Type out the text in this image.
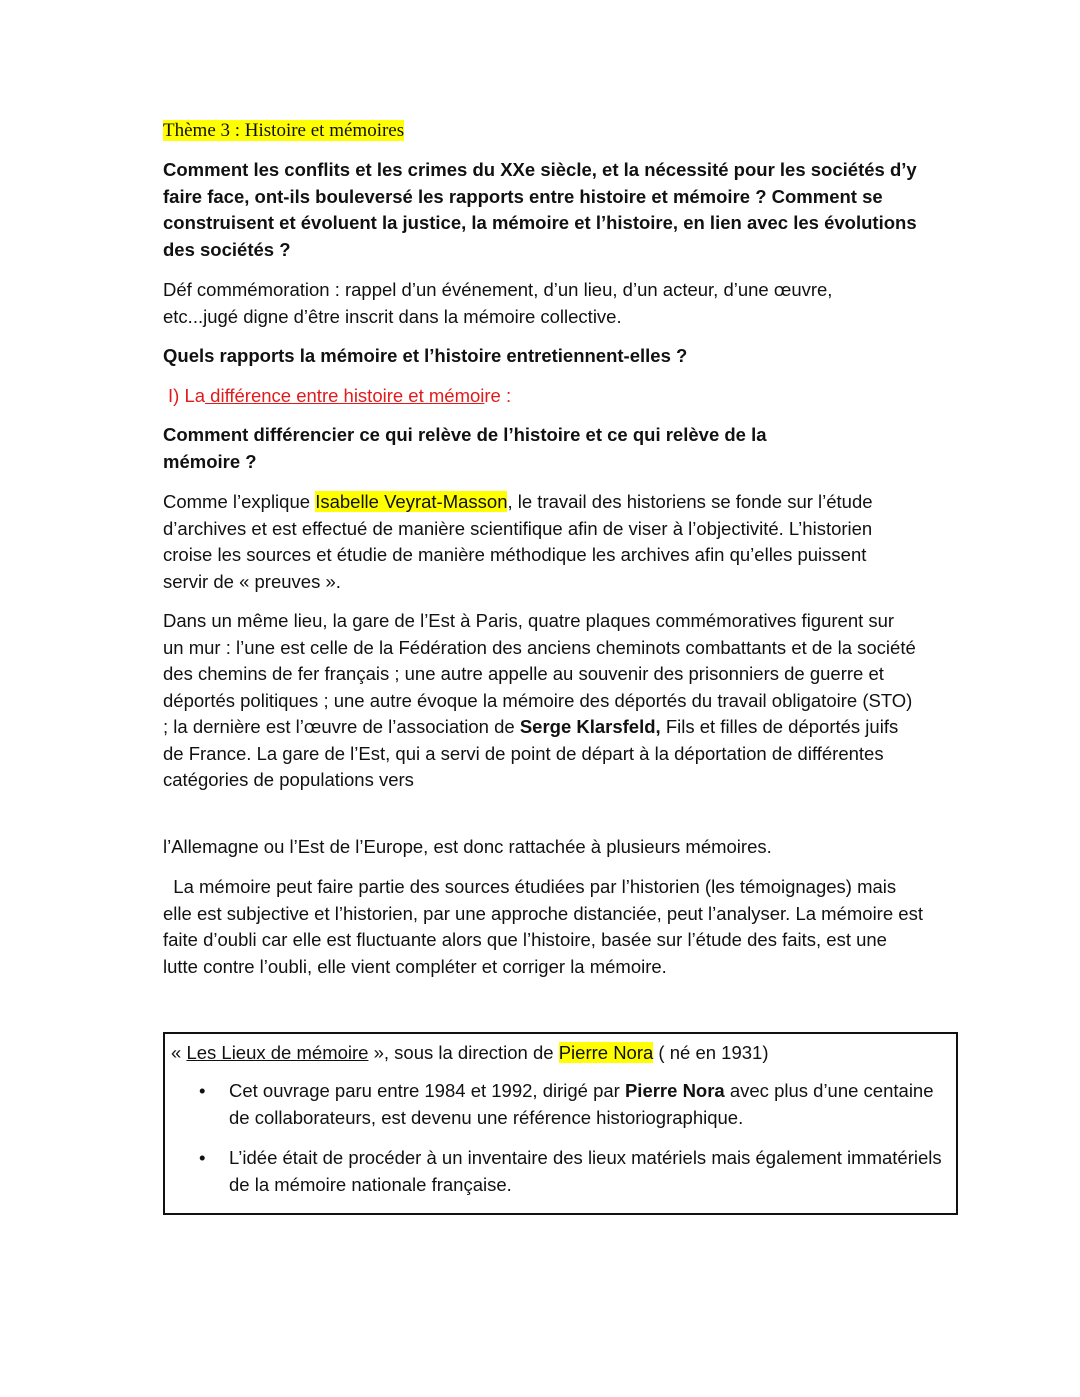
Thème 3 : Histoire et mémoires
Comment les conflits et les crimes du XXe siècle, et la nécessité pour les sociétés d’y faire face, ont-ils bouleversé les rapports entre histoire et mémoire ? Comment se construisent et évoluent la justice, la mémoire et l’histoire, en lien avec les évolutions des sociétés ?
Déf commémoration : rappel d’un événement, d’un lieu, d’un acteur, d’une œuvre,
etc...jugé digne d’être inscrit dans la mémoire collective.
Quels rapports la mémoire et l’histoire entretiennent-elles ?
I) La différence entre histoire et mémoire :
Comment différencier ce qui relève de l’histoire et ce qui relève de la mémoire ?
Comme l’explique Isabelle Veyrat-Masson, le travail des historiens se fonde sur l’étude d’archives et est effectué de manière scientifique afin de viser à l’objectivité. L’historien croise les sources et étudie de manière méthodique les archives afin qu’elles puissent servir de « preuves ».
Dans un même lieu, la gare de l’Est à Paris, quatre plaques commémoratives figurent sur un mur : l’une est celle de la Fédération des anciens cheminots combattants et de la société des chemins de fer français ; une autre appelle au souvenir des prisonniers de guerre et déportés politiques ; une autre évoque la mémoire des déportés du travail obligatoire (STO) ; la dernière est l’œuvre de l’association de Serge Klarsfeld, Fils et filles de déportés juifs de France. La gare de l’Est, qui a servi de point de départ à la déportation de différentes catégories de populations vers
l’Allemagne ou l’Est de l’Europe, est donc rattachée à plusieurs mémoires.
La mémoire peut faire partie des sources étudiées par l’historien (les témoignages) mais elle est subjective et l’historien, par une approche distanciée, peut l’analyser. La mémoire est faite d’oubli car elle est fluctuante alors que l’histoire, basée sur l’étude des faits, est une lutte contre l’oubli, elle vient compléter et corriger la mémoire.
« Les Lieux de mémoire », sous la direction de Pierre Nora ( né en 1931)
• Cet ouvrage paru entre 1984 et 1992, dirigé par Pierre Nora avec plus d’une centaine de collaborateurs, est devenu une référence historiographique.
• L’idée était de procéder à un inventaire des lieux matériels mais également immatériels de la mémoire nationale française.
